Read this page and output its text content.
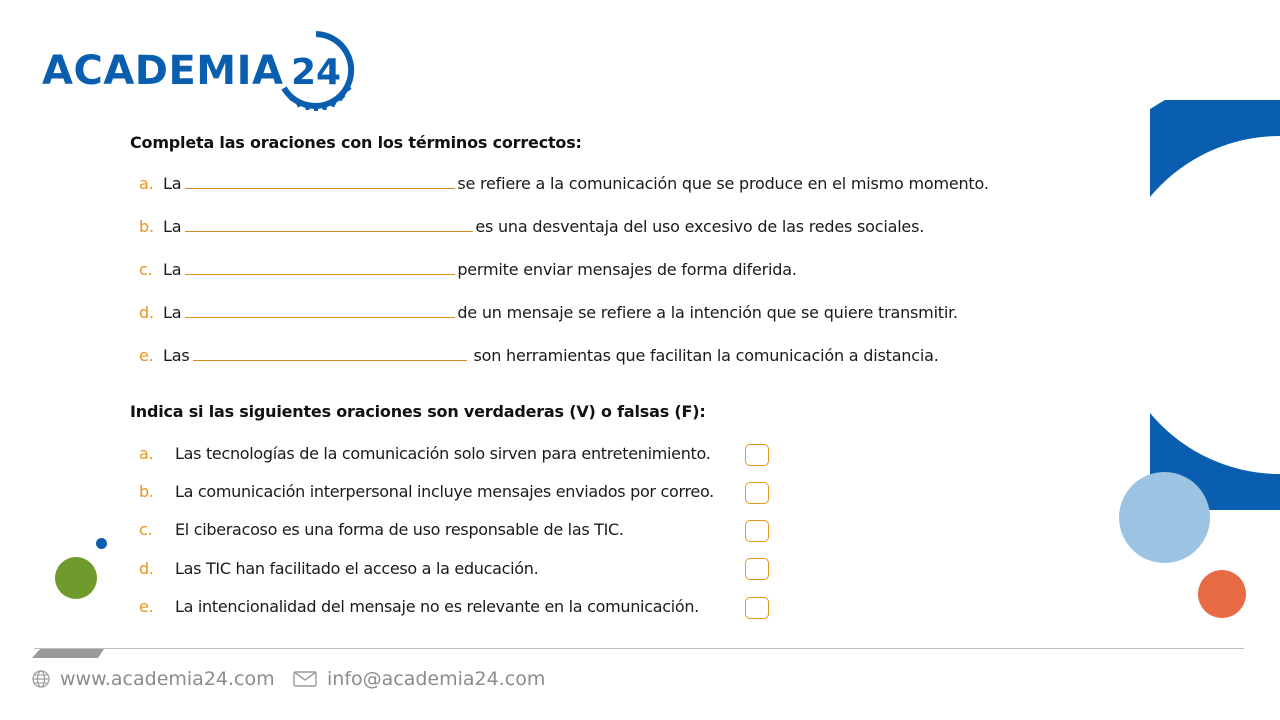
ACADEMIA 24
Completa las oraciones con los términos correctos:
a. La	se refiere a la comunicación que se produce en el mismo momento.
b. La	es una desventaja del uso excesivo de las redes sociales.
c. La	permite enviar mensajes de forma diferida.
d. La	de un mensaje se refiere a la intención que se quiere transmitir.
e. Las	son herramientas que facilitan la comunicación a distancia.
Indica si las siguientes oraciones son verdaderas (V) o falsas (F):
a. Las tecnologías de la comunicación solo sirven para entretenimiento.
b. La comunicación interpersonal incluye mensajes enviados por correo.
c. El ciberacoso es una forma de uso responsable de las TIC.
d. Las TIC han facilitado el acceso a la educación.
e. La intencionalidad del mensaje no es relevante en la comunicación.
www.academia24.com	info@academia24.com
